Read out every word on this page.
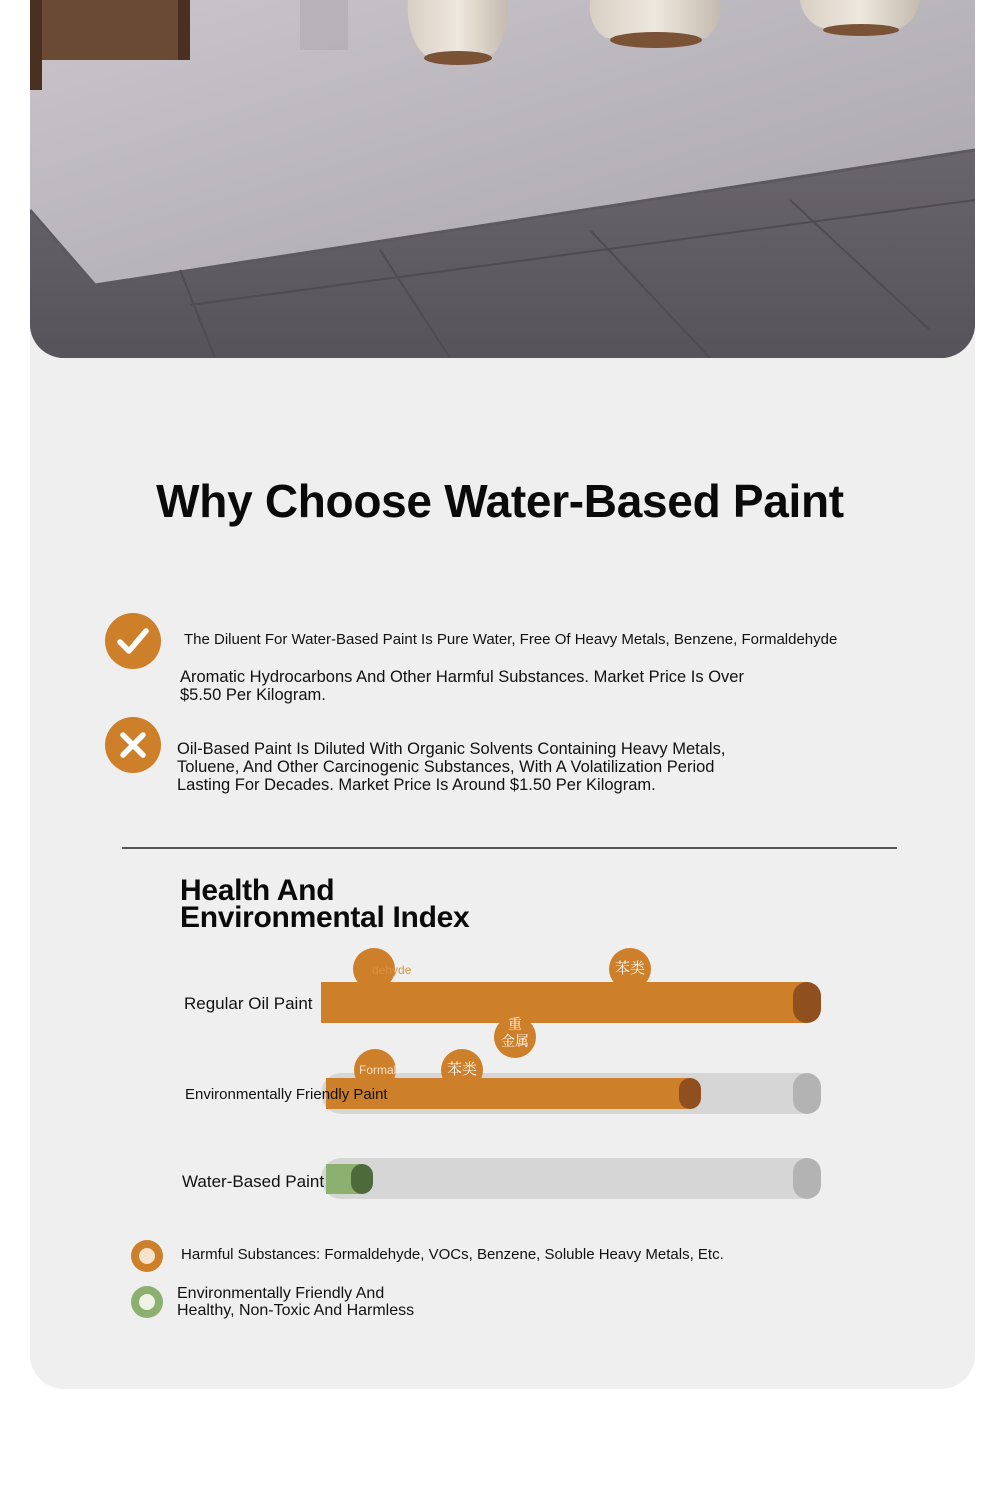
Why Choose Water-Based Paint
The Diluent For Water-Based Paint Is Pure Water, Free Of Heavy Metals, Benzene, Formaldehyde
Aromatic Hydrocarbons And Other Harmful Substances. Market Price Is Over
$5.50 Per Kilogram.
Oil-Based Paint Is Diluted With Organic Solvents Containing Heavy Metals,
Toluene, And Other Carcinogenic Substances, With A Volatilization Period
Lasting For Decades. Market Price Is Around $1.50 Per Kilogram.
Health And
Environmental Index
Regular Oil Paint
dehyde	苯类
重
金属
Formal	苯类
Environmentally Friendly Paint
Water-Based Paint
Harmful Substances: Formaldehyde, VOCs, Benzene, Soluble Heavy Metals, Etc.
Environmentally Friendly And
Healthy, Non-Toxic And Harmless
